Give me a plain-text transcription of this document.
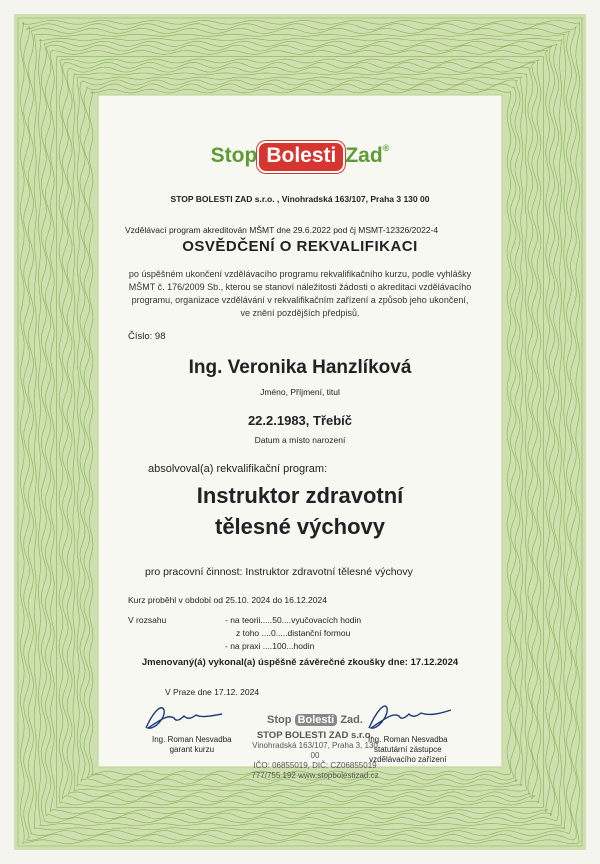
Stop Bolesti Zad®
STOP BOLESTI ZAD s.r.o. , Vinohradská 163/107, Praha 3 130 00
Vzdělávací program akreditován MŠMT dne 29.6.2022 pod čj MSMT-12326/2022-4
OSVĚDČENÍ O REKVALIFIKACI
po úspěšném ukončení vzdělávacího programu rekvalifikačního kurzu, podle vyhlášky
MŠMT č. 176/2009 Sb., kterou se stanoví náležitosti žádosti o akreditaci vzdělávacího
programu, organizace vzdělávání v rekvalifikačním zařízení a způsob jeho ukončení,
ve znění pozdějších předpisů.
Číslo: 98
Ing. Veronika Hanzlíková
Jméno, Příjmení, titul
22.2.1983, Třebíč
Datum a místo narození
absolvoval(a) rekvalifikační program:
Instruktor zdravotní
tělesné výchovy
pro pracovní činnost: Instruktor zdravotní tělesné výchovy
Kurz proběhl v období od 25.10. 2024 do 16.12.2024
V rozsahu	- na teorii.....50....vyučovacích hodin
z toho ....0.....distanční formou
- na praxi ....100...hodin
Jmenovaný(á) vykonal(a) úspěšně závěrečné zkoušky dne: 17.12.2024
V Praze dne 17.12. 2024
Ing. Roman Nesvadba
garant kurzu
Stop Bolesti Zad.
STOP BOLESTI ZAD s.r.o.
Vinohradská 163/107, Praha 3, 130 00
IČO: 06855019, DIČ: CZ06855019
777/755 192 www.stopbolestizad.cz
Ing. Roman Nesvadba
statutární zástupce
vzdělávacího zařízení
